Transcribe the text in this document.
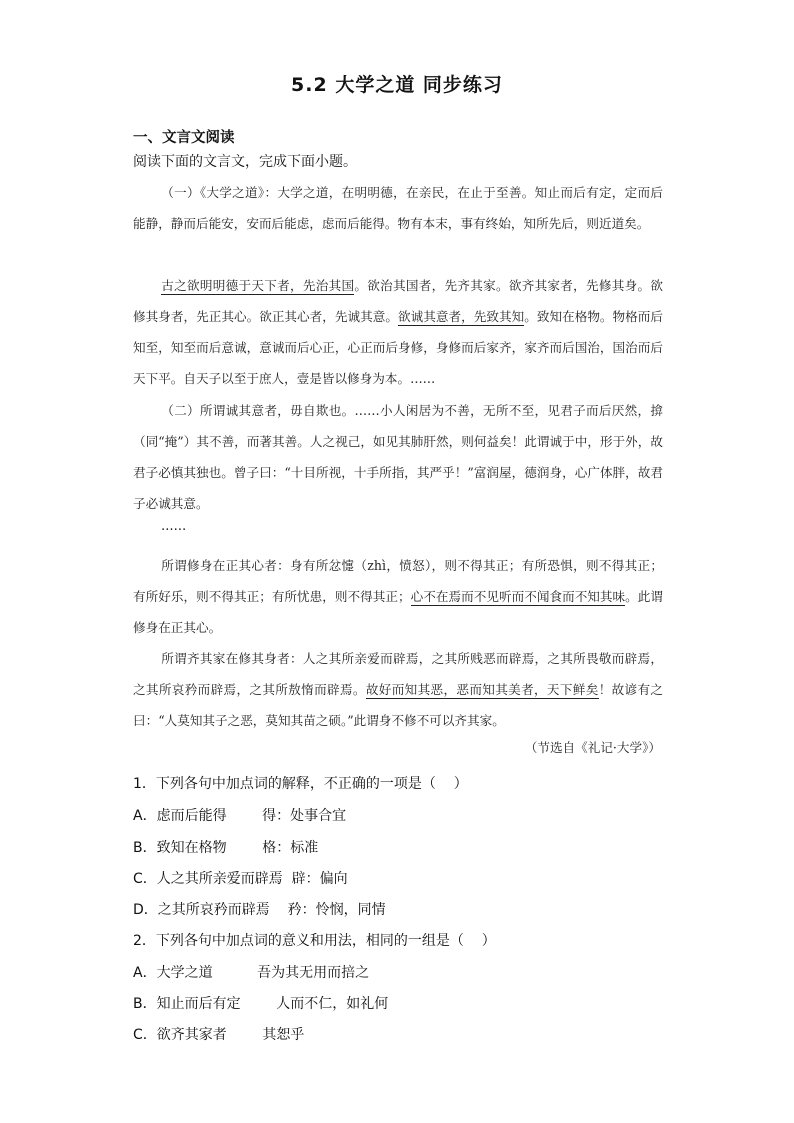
5.2 大学之道 同步练习
一、文言文阅读
阅读下面的文言文，完成下面小题。
（一）《大学之道》：大学之道，在明明德，在亲民，在止于至善。知止而后有定，定而后能静，静而后能安，安而后能虑，虑而后能得。物有本末，事有终始，知所先后，则近道矣。
古之欲明明德于天下者，先治其国。欲治其国者，先齐其家。欲齐其家者，先修其身。欲修其身者，先正其心。欲正其心者，先诚其意。欲诚其意者，先致其知。致知在格物。物格而后知至，知至而后意诚，意诚而后心正，心正而后身修，身修而后家齐，家齐而后国治，国治而后天下平。自天子以至于庶人，壹是皆以修身为本。……
（二）所谓诚其意者，毋自欺也。……小人闲居为不善，无所不至，见君子而后厌然，揜（同“掩”）其不善，而著其善。人之视己，如见其肺肝然，则何益矣！此谓诚于中，形于外，故君子必慎其独也。曾子曰：“十目所视，十手所指，其严乎！”富润屋，德润身，心广体胖，故君子必诚其意。
……
所谓修身在正其心者：身有所忿懥（zhì，愤怒），则不得其正；有所恐惧，则不得其正；有所好乐，则不得其正；有所忧患，则不得其正；心不在焉而不见听而不闻食而不知其味。此谓修身在正其心。
所谓齐其家在修其身者：人之其所亲爱而辟焉，之其所贱恶而辟焉，之其所畏敬而辟焉，之其所哀矜而辟焉，之其所敖惰而辟焉。故好而知其恶，恶而知其美者，天下鲜矣！故谚有之曰：“人莫知其子之恶，莫知其苗之硕。”此谓身不修不可以齐其家。
（节选自《礼记·大学》）
1．下列各句中加点词的解释，不正确的一项是（    ）
A．虑而后能得        得：处事合宜
B．致知在格物        格：标准
C．人之其所亲爱而辟焉  辟：偏向
D．之其所哀矜而辟焉    矜：怜悯，同情
2．下列各句中加点词的意义和用法，相同的一组是（    ）
A．大学之道          吾为其无用而掊之
B．知止而后有定        人而不仁，如礼何
C．欲齐其家者        其恕乎
